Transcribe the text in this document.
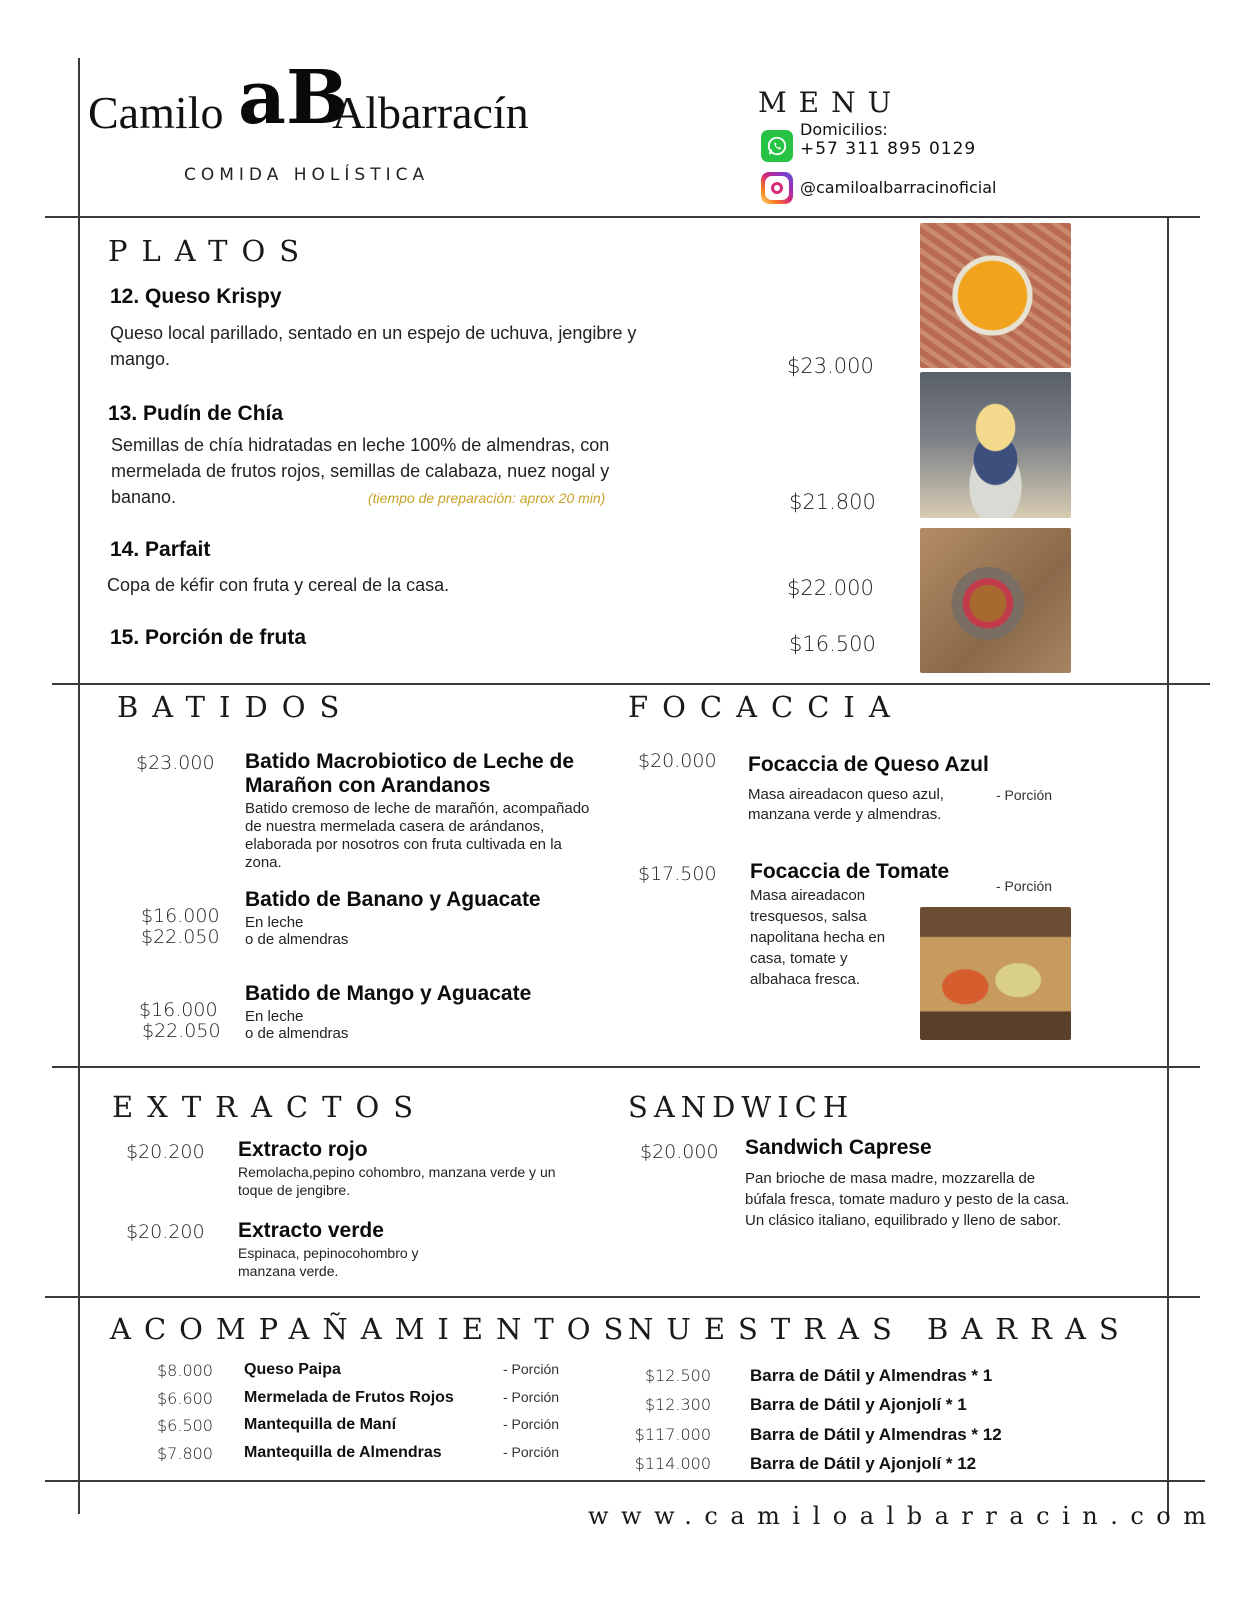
Camilo aB
Albarracín
COMIDA HOLÍSTICA
MENU
Domicilios:
+57 311 895 0129
@camiloalbarracinoficial
PLATOS
12. Queso Krispy
Queso local parillado, sentado en un espejo de uchuva, jengibre y mango.	$23.000
13. Pudín de Chía
Semillas de chía hidratadas en leche 100% de almendras, con mermelada de frutos rojos, semillas de calabaza, nuez nogal y banano.	(tiempo de preparación: aprox 20 min)	$21.800
14. Parfait
Copa de kéfir con fruta y cereal de la casa.	$22.000
15. Porción de fruta	$16.500
BATIDOS
$23.000 Batido Macrobiotico de Leche de Marañon con Arandanos
Batido cremoso de leche de marañón, acompañado de nuestra mermelada casera de arándanos, elaborada por nosotros con fruta cultivada en la zona.
Batido de Banano y Aguacate
$16.000
$22.050
En leche
o de almendras
Batido de Mango y Aguacate
$16.000
$22.050
En leche
o de almendras
FOCACCIA
$20.000 Focaccia de Queso Azul
Masa aireadacon queso azul, manzana verde y almendras.
- Porción
$17.500 Focaccia de Tomate
- Porción
Masa aireadacon tresquesos, salsa napolitana hecha en casa, tomate y albahaca fresca.
EXTRACTOS
$20.200 Extracto rojo
Remolacha,pepino cohombro, manzana verde y un toque de jengibre.
$20.200 Extracto verde
Espinaca, pepinocohombro y manzana verde.
SANDWICH
$20.000 Sandwich Caprese
Pan brioche de masa madre, mozzarella de búfala fresca, tomate maduro y pesto de la casa. Un clásico italiano, equilibrado y lleno de sabor.
ACOMPAÑAMIENTOS
$8.000 Queso Paipa	- Porción
$6.600 Mermelada de Frutos Rojos	- Porción
$6.500 Mantequilla de Maní	- Porción
$7.800 Mantequilla de Almendras	- Porción
NUESTRAS BARRAS
$12.500 Barra de Dátil y Almendras * 1
$12.300 Barra de Dátil y Ajonjolí * 1
$117.000 Barra de Dátil y Almendras * 12
$114.000 Barra de Dátil y Ajonjolí * 12
www.camiloalbarracin.com
